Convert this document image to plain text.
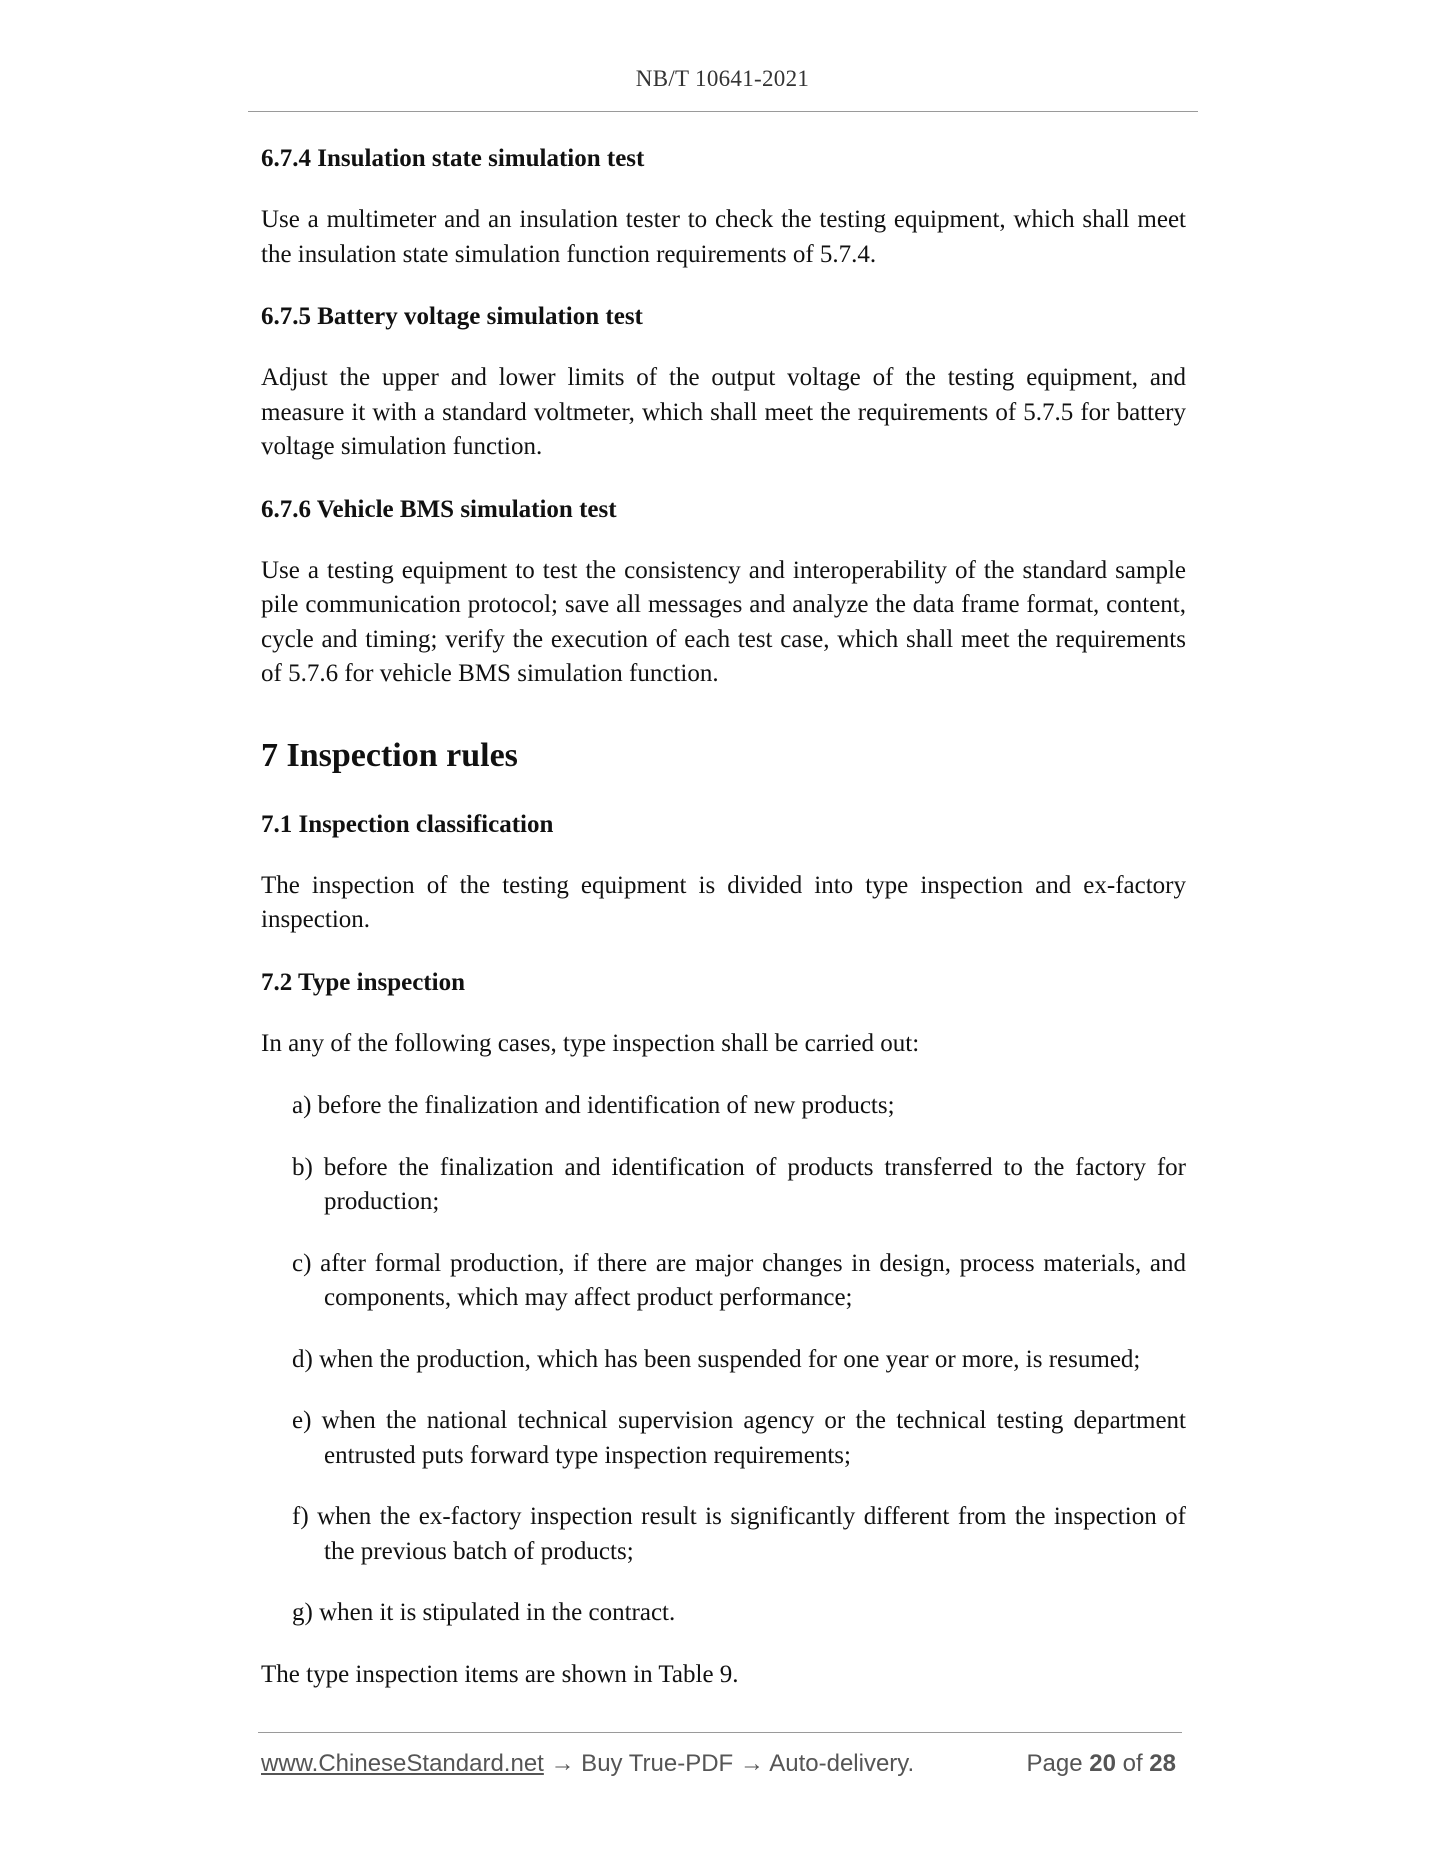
NB/T 10641-2021
6.7.4 Insulation state simulation test
Use a multimeter and an insulation tester to check the testing equipment, which shall meet the insulation state simulation function requirements of 5.7.4.
6.7.5 Battery voltage simulation test
Adjust the upper and lower limits of the output voltage of the testing equipment, and measure it with a standard voltmeter, which shall meet the requirements of 5.7.5 for battery voltage simulation function.
6.7.6 Vehicle BMS simulation test
Use a testing equipment to test the consistency and interoperability of the standard sample pile communication protocol; save all messages and analyze the data frame format, content, cycle and timing; verify the execution of each test case, which shall meet the requirements of 5.7.6 for vehicle BMS simulation function.
7 Inspection rules
7.1 Inspection classification
The inspection of the testing equipment is divided into type inspection and ex-factory inspection.
7.2 Type inspection
In any of the following cases, type inspection shall be carried out:
a) before the finalization and identification of new products;
b) before the finalization and identification of products transferred to the factory for production;
c) after formal production, if there are major changes in design, process materials, and components, which may affect product performance;
d) when the production, which has been suspended for one year or more, is resumed;
e) when the national technical supervision agency or the technical testing department entrusted puts forward type inspection requirements;
f) when the ex-factory inspection result is significantly different from the inspection of the previous batch of products;
g) when it is stipulated in the contract.
The type inspection items are shown in Table 9.
www.ChineseStandard.net → Buy True-PDF → Auto-delivery.	Page 20 of 28
